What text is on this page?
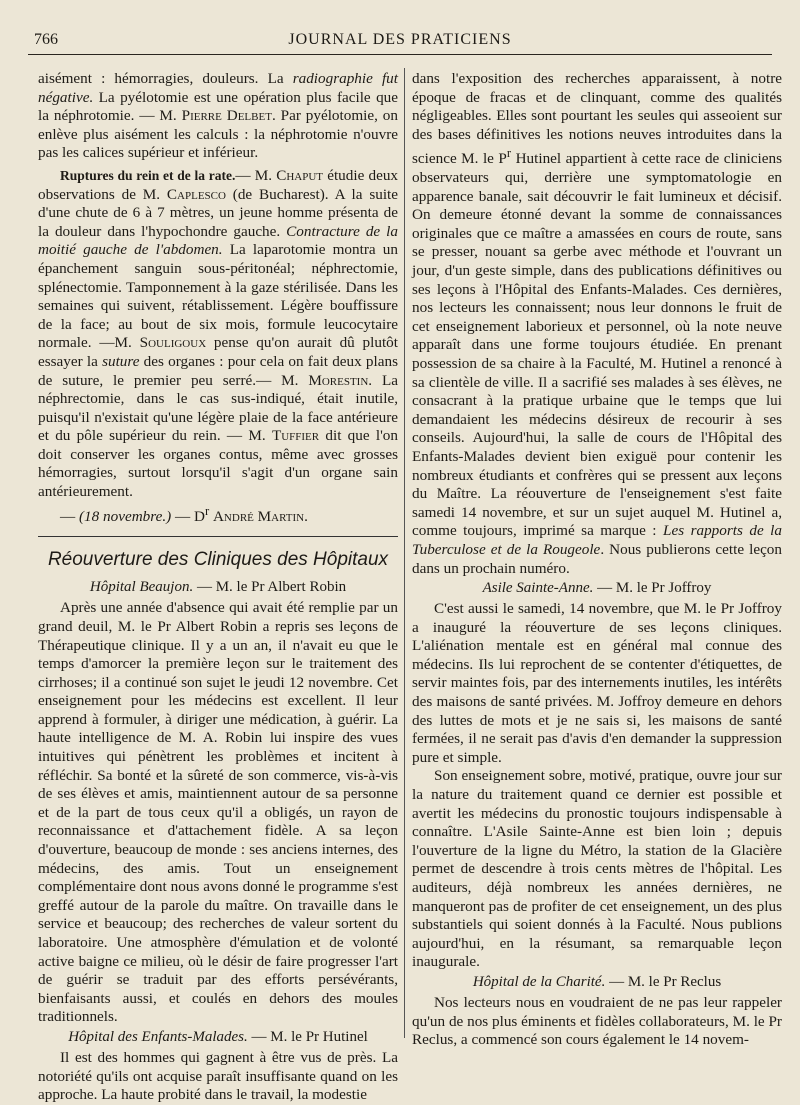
766	JOURNAL DES PRATICIENS

aisément : hémorragies, douleurs. La radiographie fut négative. La pyélotomie est une opération plus facile que la néphrotomie. — M. Pierre Delbet. Par pyélotomie, on enlève plus aisément les calculs : la néphrotomie n'ouvre pas les calices supérieur et inférieur.

Ruptures du rein et de la rate.— M. Chaput étudie deux observations de M. Caplesco (de Bucharest). A la suite d'une chute de 6 à 7 mètres, un jeune homme présenta de la douleur dans l'hypochondre gauche. Contracture de la moitié gauche de l'abdomen. La laparotomie montra un épanchement sanguin sous-péritonéal; néphrectomie, splénectomie. Tamponnement à la gaze stérilisée. Dans les semaines qui suivent, rétablissement. Légère bouffissure de la face; au bout de six mois, formule leucocytaire normale. —M. Souligoux pense qu'on aurait dû plutôt essayer la suture des organes : pour cela on fait deux plans de suture, le premier peu serré.— M. Morestin. La néphrectomie, dans le cas sus-indiqué, était inutile, puisqu'il n'existait qu'une légère plaie de la face antérieure et du pôle supérieur du rein. — M. Tuffier dit que l'on doit conserver les organes contus, même avec grosses hémorragies, surtout lorsqu'il s'agit d'un organe sain antérieurement.

— (18 novembre.) — $D^r$ André Martin.

Réouverture des Cliniques des Hôpitaux
Hôpital Beaujon. — M. le Pr Albert Robin

Après une année d'absence qui avait été remplie par un grand deuil, M. le Pr Albert Robin a repris ses leçons de Thérapeutique clinique. Il y a un an, il n'avait eu que le temps d'amorcer la première leçon sur le traitement des cirrhoses; il a continué son sujet le jeudi 12 novembre. Cet enseignement pour les médecins est excellent. Il leur apprend à formuler, à diriger une médication, à guérir. La haute intelligence de M. A. Robin lui inspire des vues intuitives qui pénètrent les problèmes et incitent à réfléchir. Sa bonté et la sûreté de son commerce, vis-à-vis de ses élèves et amis, maintiennent autour de sa personne et de la part de tous ceux qu'il a obligés, un rayon de reconnaissance et d'attachement fidèle. A sa leçon d'ouverture, beaucoup de monde : ses anciens internes, des médecins, des amis. Tout un enseignement complémentaire dont nous avons donné le programme s'est greffé autour de la parole du maître. On travaille dans le service et beaucoup; des recherches de valeur sortent du laboratoire. Une atmosphère d'émulation et de volonté active baigne ce milieu, où le désir de faire progresser l'art de guérir se traduit par des efforts persévérants, bienfaisants aussi, et coulés en dehors des moules traditionnels.

Hôpital des Enfants-Malades. — M. le Pr Hutinel

Il est des hommes qui gagnent à être vus de près. La notoriété qu'ils ont acquise paraît insuffisante quand on les approche. La haute probité dans le travail, la modestie

dans l'exposition des recherches apparaissent, à notre époque de fracas et de clinquant, comme des qualités négligeables. Elles sont pourtant les seules qui asseoient sur des bases définitives les notions neuves introduites dans la science M. le $P^r$ Hutinel appartient à cette race de cliniciens observateurs qui, derrière une symptomatologie en apparence banale, sait découvrir le fait lumineux et décisif. On demeure étonné devant la somme de connaissances originales que ce maître a amassées en cours de route, sans se presser, nouant sa gerbe avec méthode et l'ouvrant un jour, d'un geste simple, dans des publications définitives ou ses leçons à l'Hôpital des Enfants-Malades. Ces dernières, nos lecteurs les connaissent; nous leur donnons le fruit de cet enseignement laborieux et personnel, où la note neuve apparaît dans une forme toujours étudiée. En prenant possession de sa chaire à la Faculté, M. Hutinel a renoncé à sa clientèle de ville. Il a sacrifié ses malades à ses élèves, ne consacrant à la pratique urbaine que le temps que lui demandaient les médecins désireux de recourir à ses conseils. Aujourd'hui, la salle de cours de l'Hôpital des Enfants-Malades devient bien exiguë pour contenir les nombreux étudiants et confrères qui se pressent aux leçons du Maître. La réouverture de l'enseignement s'est faite samedi 14 novembre, et sur un sujet auquel M. Hutinel a, comme toujours, imprimé sa marque : Les rapports de la Tuberculose et de la Rougeole. Nous publierons cette leçon dans un prochain numéro.

Asile Sainte-Anne. — M. le Pr Joffroy

C'est aussi le samedi, 14 novembre, que M. le Pr Joffroy a inauguré la réouverture de ses leçons cliniques. L'aliénation mentale est en général mal connue des médecins. Ils lui reprochent de se contenter d'étiquettes, de servir maintes fois, par des internements inutiles, les intérêts des maisons de santé privées. M. Joffroy demeure en dehors des luttes de mots et je ne sais si, les maisons de santé fermées, il ne serait pas d'avis d'en demander la suppression pure et simple.

Son enseignement sobre, motivé, pratique, ouvre jour sur la nature du traitement quand ce dernier est possible et avertit les médecins du pronostic toujours indispensable à connaître. L'Asile Sainte-Anne est bien loin ; depuis l'ouverture de la ligne du Métro, la station de la Glacière permet de descendre à trois cents mètres de l'hôpital. Les auditeurs, déjà nombreux les années dernières, ne manqueront pas de profiter de cet enseignement, un des plus substantiels qui soient donnés à la Faculté. Nous publions aujourd'hui, en la résumant, sa remarquable leçon inaugurale.

Hôpital de la Charité. — M. le Pr Reclus

Nos lecteurs nous en voudraient de ne pas leur rappeler qu'un de nos plus éminents et fidèles collaborateurs, M. le Pr Reclus, a commencé son cours également le 14 novem-
